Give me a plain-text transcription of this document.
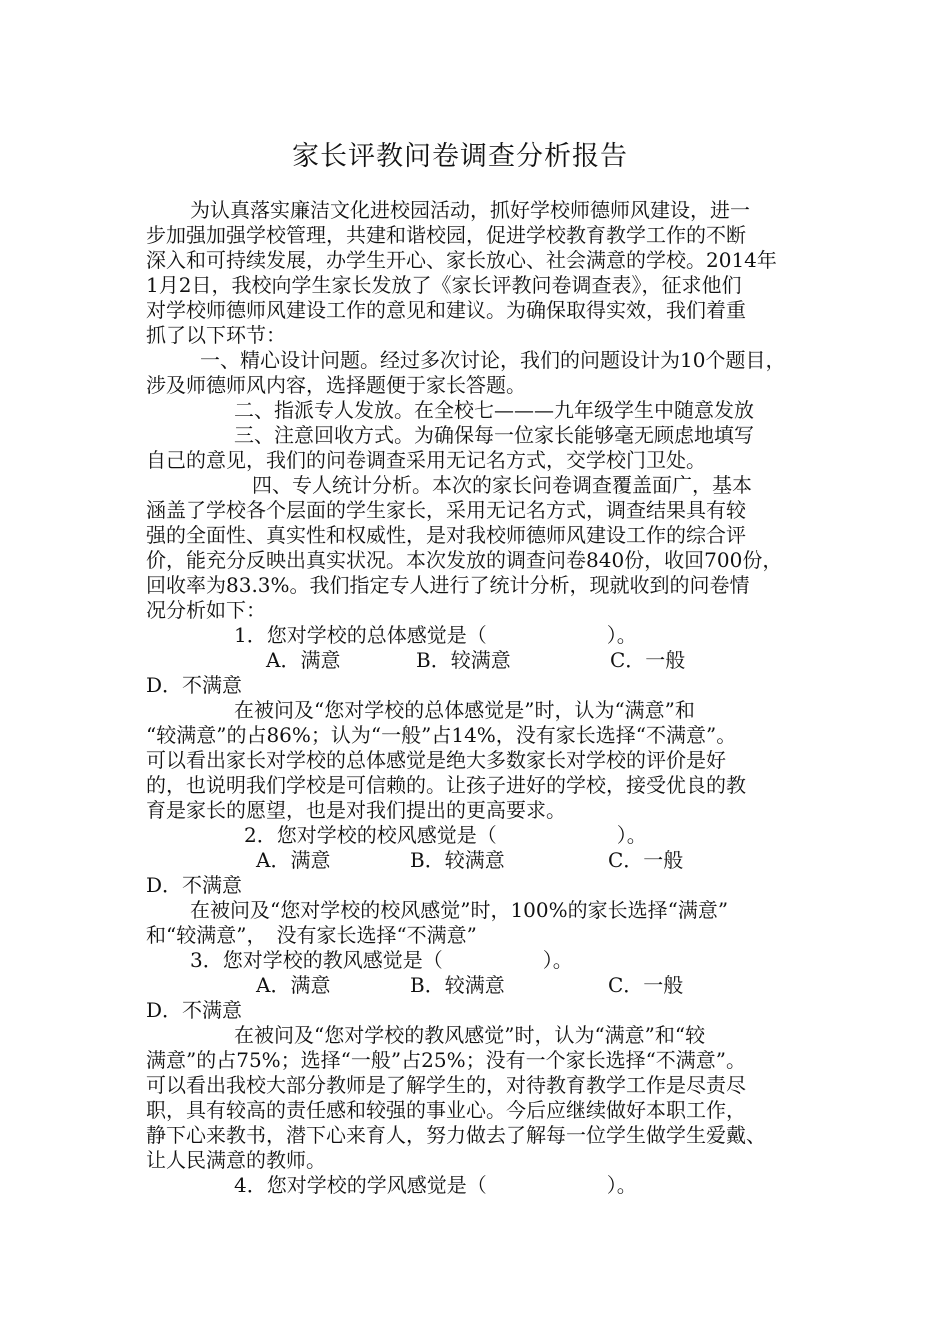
家长评教问卷调查分析报告
为认真落实廉洁文化进校园活动，抓好学校师德师风建设，进一
步加强加强学校管理，共建和谐校园，促进学校教育教学工作的不断
深入和可持续发展，办学生开心、家长放心、社会满意的学校。2014年
1月2日，我校向学生家长发放了《家长评教问卷调查表》，征求他们
对学校师德师风建设工作的意见和建议。为确保取得实效，我们着重
抓了以下环节：
一、精心设计问题。经过多次讨论，我们的问题设计为10个题目，
涉及师德师风内容，选择题便于家长答题。
二、指派专人发放。在全校七———九年级学生中随意发放
三、注意回收方式。为确保每一位家长能够毫无顾虑地填写
自己的意见，我们的问卷调查采用无记名方式，交学校门卫处。
四、专人统计分析。本次的家长问卷调查覆盖面广，基本
涵盖了学校各个层面的学生家长，采用无记名方式，调查结果具有较
强的全面性、真实性和权威性，是对我校师德师风建设工作的综合评
价，能充分反映出真实状况。本次发放的调查问卷840份，收回700份，
回收率为83.3%。我们指定专人进行了统计分析，现就收到的问卷情
况分析如下：
1．您对学校的总体感觉是（　　　　　　）。
A．满意	B．较满意	C．一般
D．不满意
在被问及“您对学校的总体感觉是”时，认为“满意”和
“较满意”的占86%；认为“一般”占14%，没有家长选择“不满意”。
可以看出家长对学校的总体感觉是绝大多数家长对学校的评价是好
的，也说明我们学校是可信赖的。让孩子进好的学校，接受优良的教
育是家长的愿望，也是对我们提出的更高要求。
2．您对学校的校风感觉是（　　　　　　）。
A．满意	B．较满意	C．一般
D．不满意
在被问及“您对学校的校风感觉”时，100%的家长选择“满意”
和“较满意”，　没有家长选择“不满意”
3．您对学校的教风感觉是（　　　　　）。
A．满意	B．较满意	C．一般
D．不满意
在被问及“您对学校的教风感觉”时，认为“满意”和“较
满意”的占75%；选择“一般”占25%；没有一个家长选择“不满意”。
可以看出我校大部分教师是了解学生的，对待教育教学工作是尽责尽
职，具有较高的责任感和较强的事业心。今后应继续做好本职工作，
静下心来教书，潜下心来育人，努力做去了解每一位学生做学生爱戴、
让人民满意的教师。
4．您对学校的学风感觉是（　　　　　　）。
